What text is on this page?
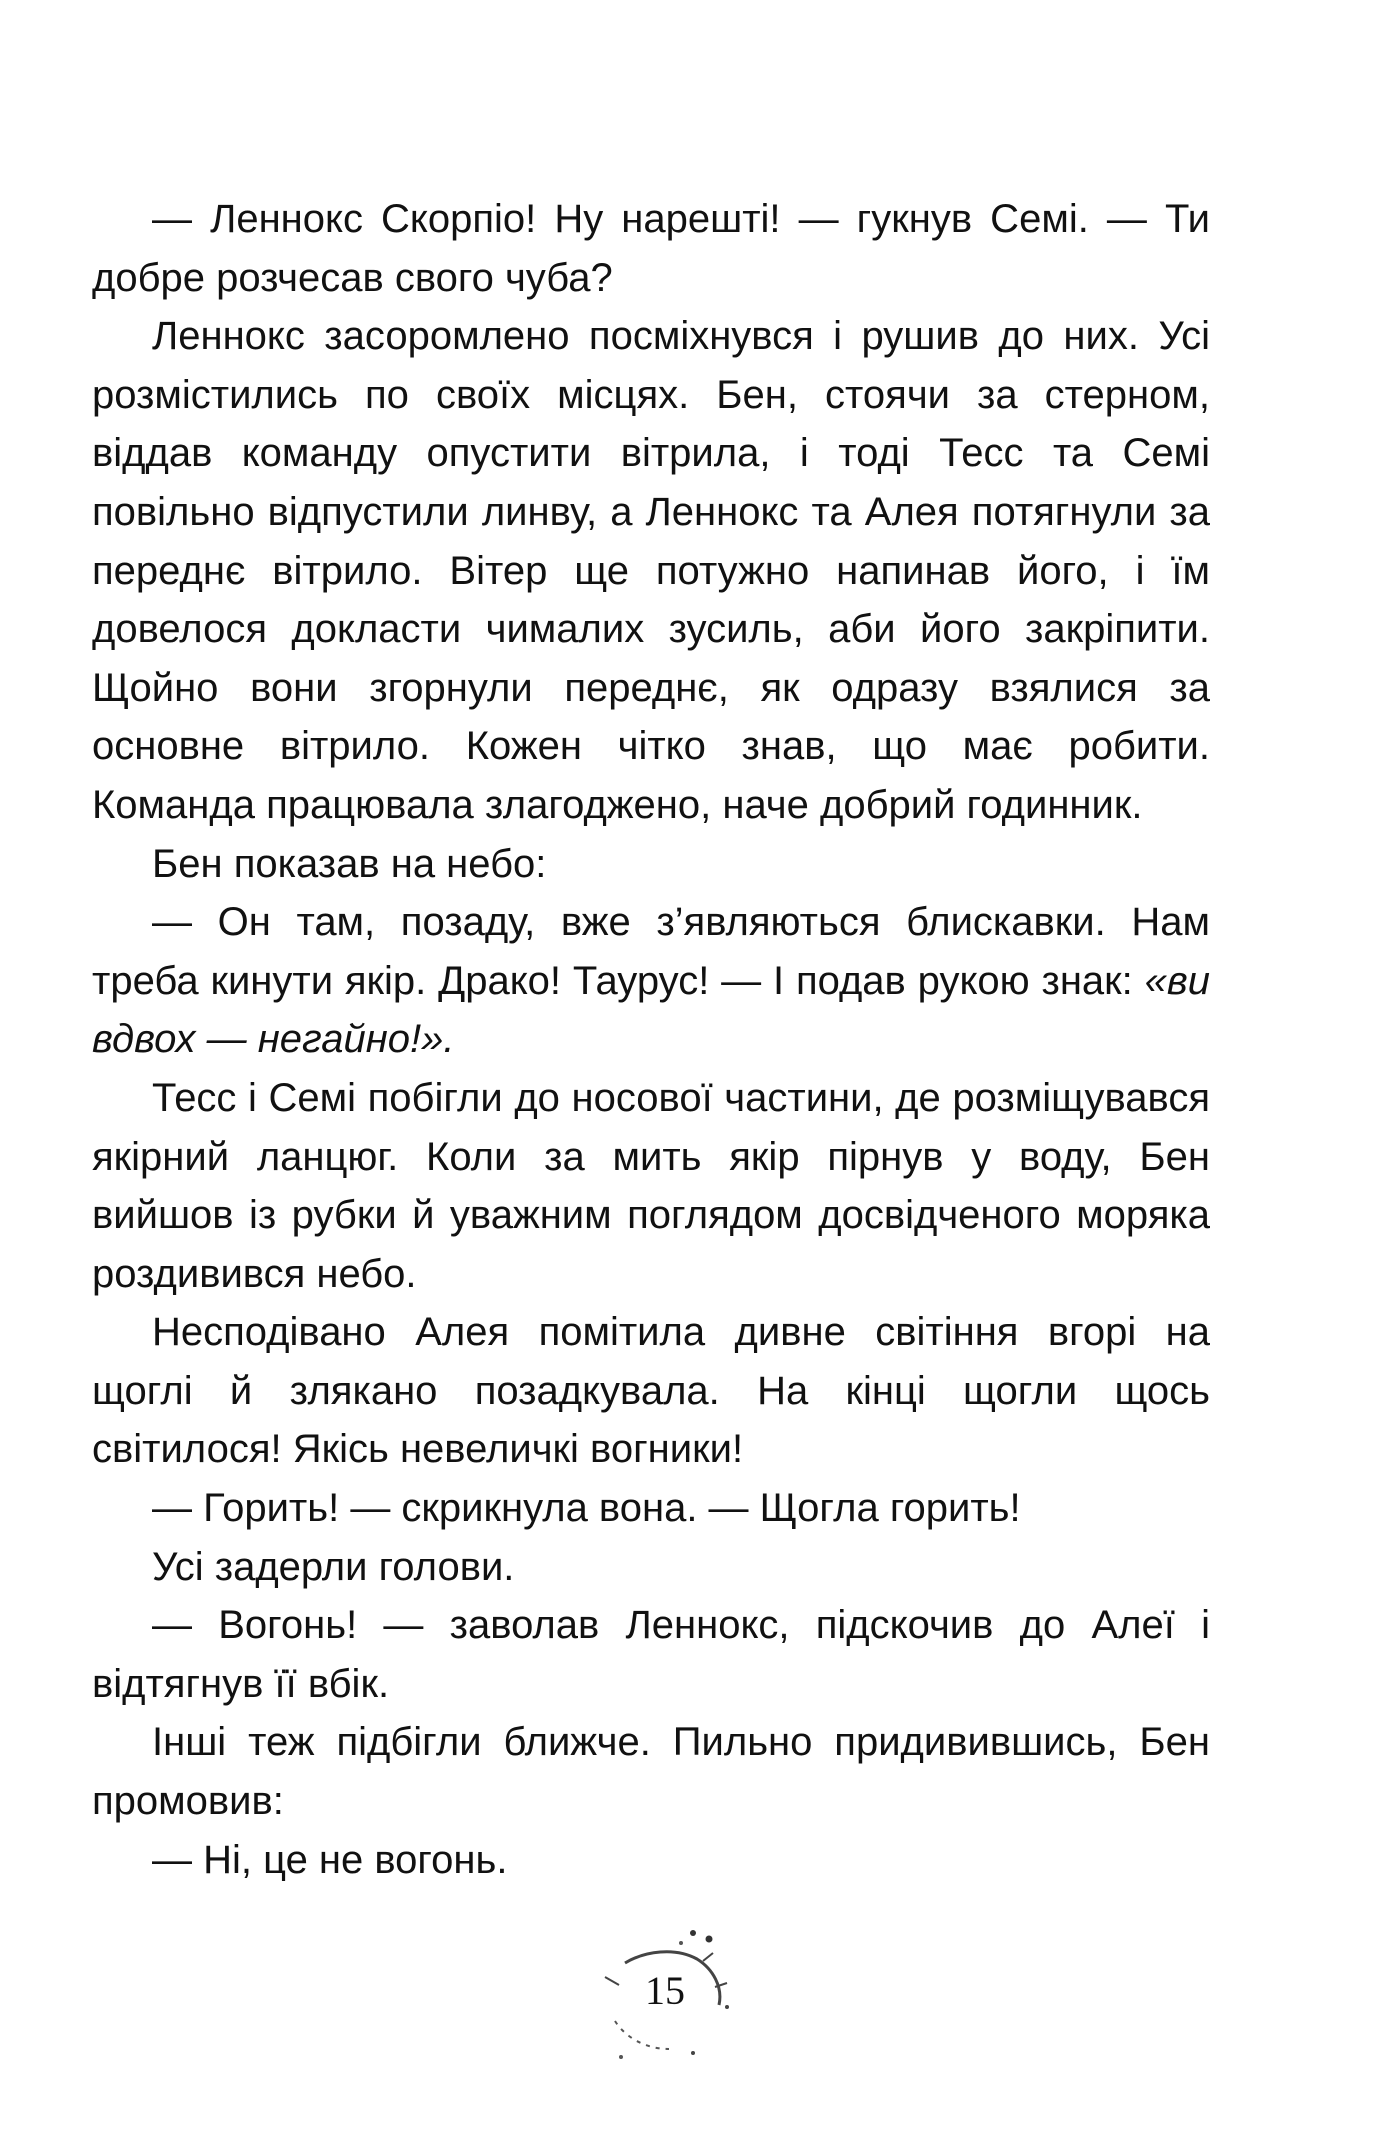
— Леннокс Скорпіо! Ну нарешті! — гукнув Семі. — Ти добре розчесав свого чуба?

Леннокс засоромлено посміхнувся і рушив до них. Усі розмістились по своїх місцях. Бен, стоячи за стерном, віддав команду опустити вітрила, і тоді Тесс та Семі повільно відпустили линву, а Леннокс та Алея потягнули за переднє вітрило. Вітер ще потужно напинав його, і їм довелося докласти чималих зусиль, аби його закріпити. Щойно вони згорнули переднє, як одразу взялися за основне вітрило. Кожен чітко знав, що має робити. Команда працювала злагоджено, наче добрий годинник.

Бен показав на небо:

— Он там, позаду, вже з’являються блискавки. Нам треба кинути якір. Драко! Таурус! — І подав рукою знак: «ви вдвох — негайно!».

Тесс і Семі побігли до носової частини, де розміщувався якірний ланцюг. Коли за мить якір пірнув у воду, Бен вийшов із рубки й уважним поглядом досвідченого моряка роздивився небо.

Несподівано Алея помітила дивне світіння вгорі на щоглі й злякано позадкувала. На кінці щогли щось світилося! Якісь невеличкі вогники!

— Горить! — скрикнула вона. — Щогла горить!

Усі задерли голови.

— Вогонь! — заволав Леннокс, підскочив до Алеї і відтягнув її вбік.

Інші теж підбігли ближче. Пильно придивившись, Бен промовив:

— Ні, це не вогонь.

15
